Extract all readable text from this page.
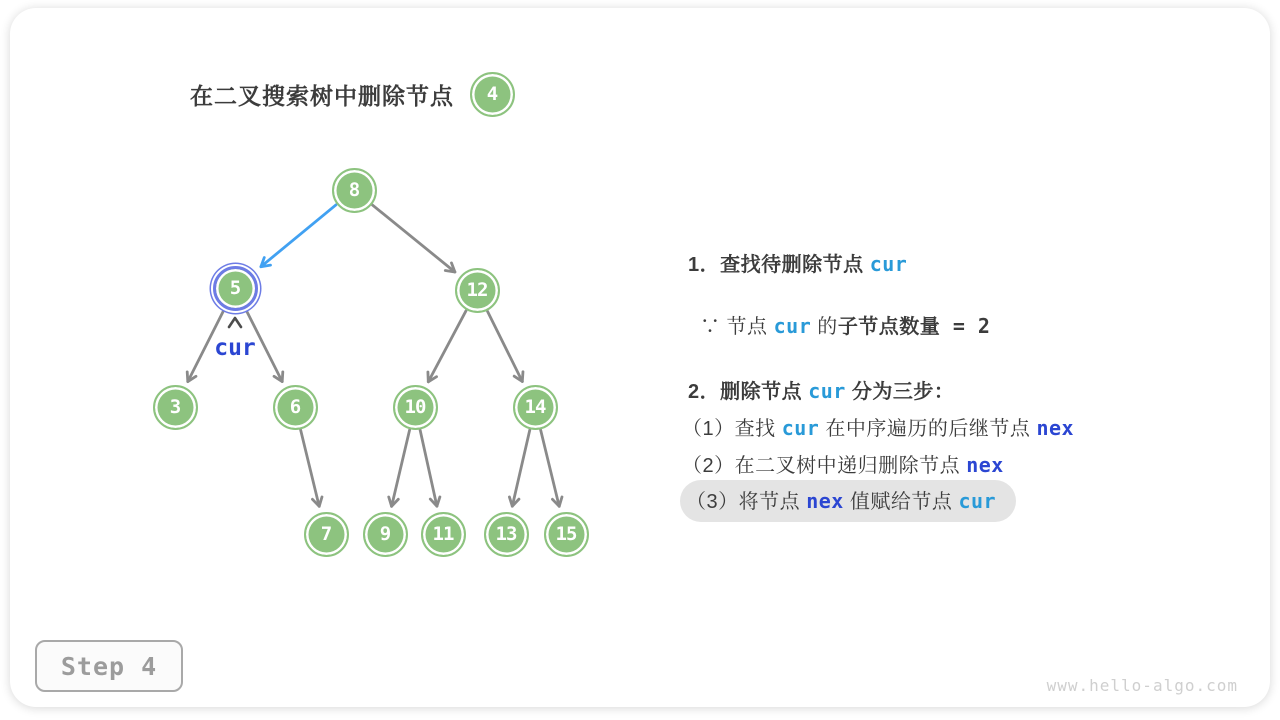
在二叉搜索树中删除节点	4
8
5	12
3	6	10	14
7	9 11 13 15
cur
1．查找待删除节点 cur
∵ 节点 cur 的子节点数量 = 2
2．删除节点 cur 分为三步：
（1）查找 cur 在中序遍历的后继节点 nex
（2）在二叉树中递归删除节点 nex
（3）将节点 nex 值赋给节点 cur
Step 4
www.hello-algo.com
